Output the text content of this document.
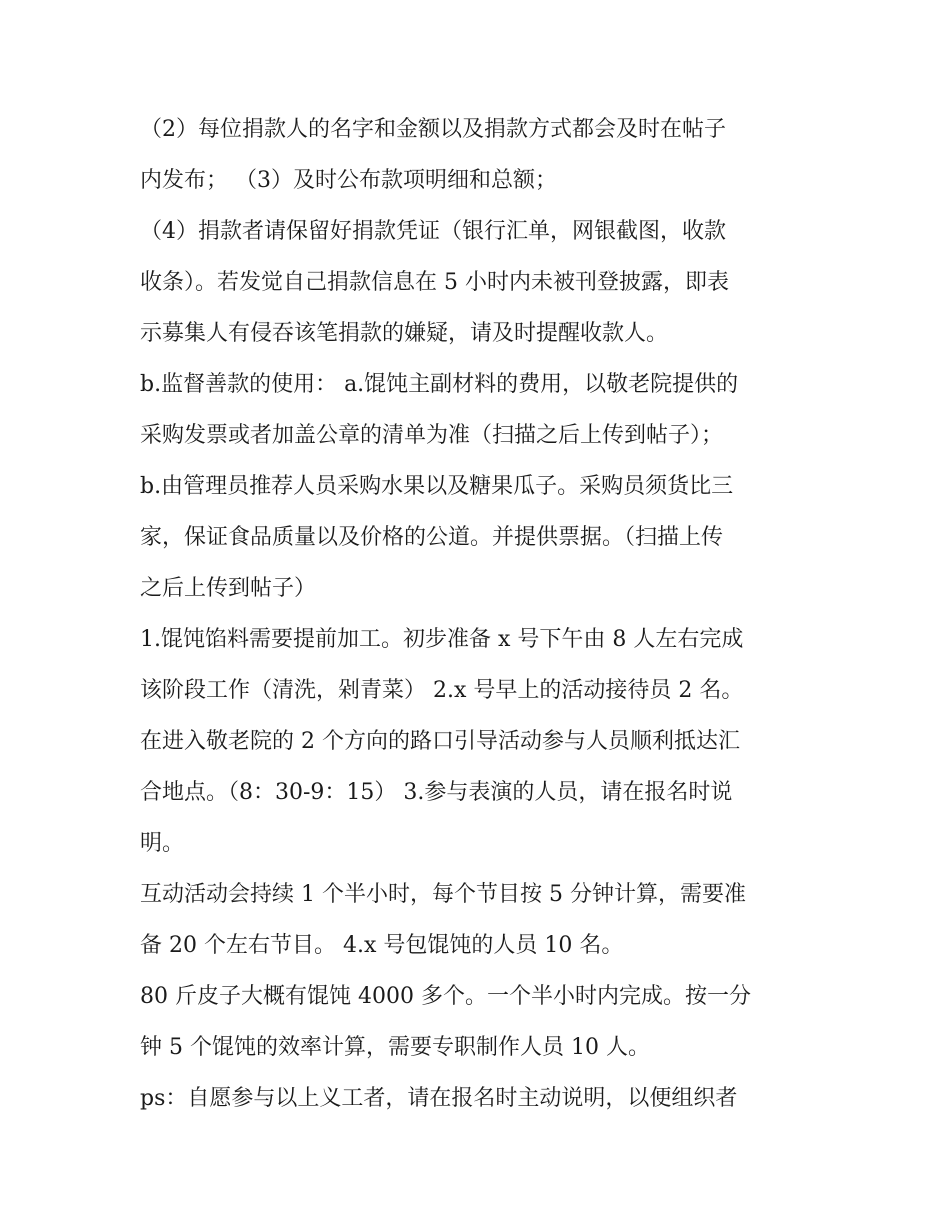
（2）每位捐款人的名字和金额以及捐款方式都会及时在帖子
内发布； （3）及时公布款项明细和总额；
（4）捐款者请保留好捐款凭证（银行汇单，网银截图，收款
收条）。若发觉自己捐款信息在 5 小时内未被刊登披露，即表
示募集人有侵吞该笔捐款的嫌疑，请及时提醒收款人。
b.监督善款的使用： a.馄饨主副材料的费用，以敬老院提供的
采购发票或者加盖公章的清单为准（扫描之后上传到帖子）；
b.由管理员推荐人员采购水果以及糖果瓜子。采购员须货比三
家，保证食品质量以及价格的公道。并提供票据。（扫描上传
之后上传到帖子）
1.馄饨馅料需要提前加工。初步准备 x 号下午由 8 人左右完成
该阶段工作（清洗，剁青菜） 2.x 号早上的活动接待员 2 名。
在进入敬老院的 2 个方向的路口引导活动参与人员顺利抵达汇
合地点。（8：30-9：15） 3.参与表演的人员，请在报名时说
明。
互动活动会持续 1 个半小时，每个节目按 5 分钟计算，需要准
备 20 个左右节目。 4.x 号包馄饨的人员 10 名。
80 斤皮子大概有馄饨 4000 多个。一个半小时内完成。按一分
钟 5 个馄饨的效率计算，需要专职制作人员 10 人。
ps：自愿参与以上义工者，请在报名时主动说明，以便组织者
